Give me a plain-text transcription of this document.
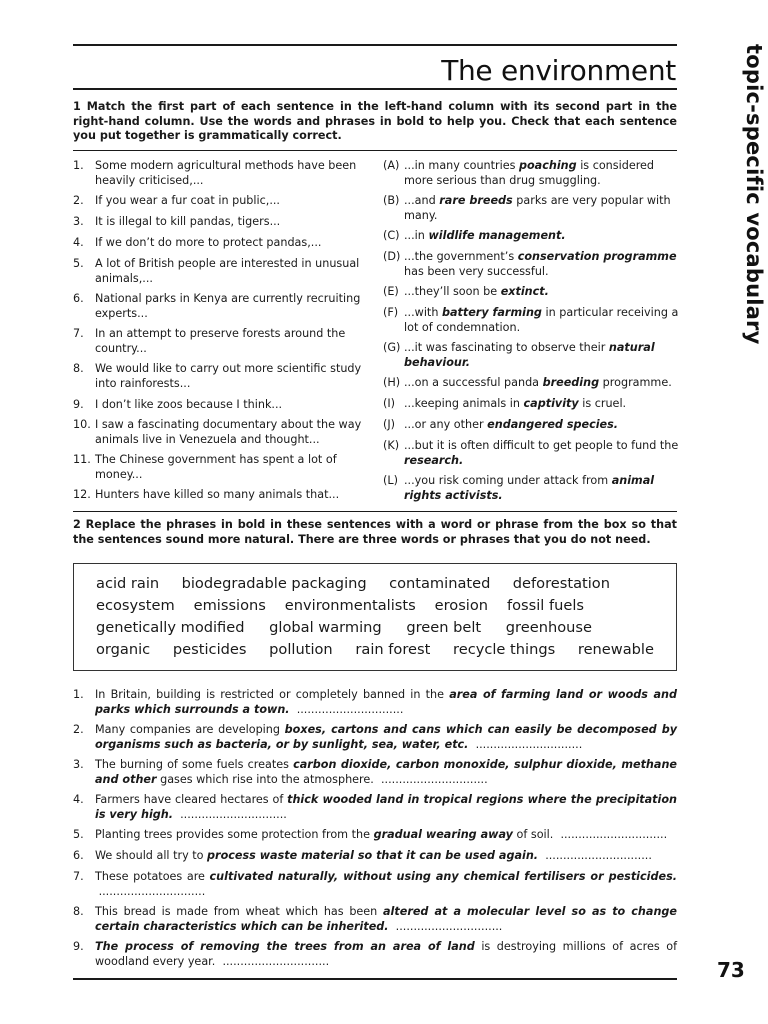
The environment	topic-specific vocabulary

1 Match the first part of each sentence in the left-hand column with its second part in the right-hand column. Use the words and phrases in bold to help you. Check that each sentence you put together is grammatically correct.

1. Some modern agricultural methods have been heavily criticised,...
2. If you wear a fur coat in public,...
3. It is illegal to kill pandas, tigers...
4. If we don’t do more to protect pandas,...
5. A lot of British people are interested in unusual animals,...
6. National parks in Kenya are currently recruiting experts...
7. In an attempt to preserve forests around the country...
8. We would like to carry out more scientific study into rainforests...
9. I don’t like zoos because I think...
10. I saw a fascinating documentary about the way animals live in Venezuela and thought...
11. The Chinese government has spent a lot of money...
12. Hunters have killed so many animals that...
(A) ...in many countries poaching is considered more serious than drug smuggling.
(B) ...and rare breeds parks are very popular with many.
(C) ...in wildlife management.
(D) ...the government’s conservation programme has been very successful.
(E) ...they’ll soon be extinct.
(F) ...with battery farming in particular receiving a lot of condemnation.
(G) ...it was fascinating to observe their natural behaviour.
(H) ...on a successful panda breeding programme.
(I) ...keeping animals in captivity is cruel.
(J) ...or any other endangered species.
(K) ...but it is often difficult to get people to fund the research.
(L) ...you risk coming under attack from animal rights activists.

2 Replace the phrases in bold in these sentences with a word or phrase from the box so that the sentences sound more natural. There are three words or phrases that you do not need.

acid rain biodegradable packaging contaminated deforestation
ecosystem emissions environmentalists erosion fossil fuels
genetically modified global warming green belt greenhouse
organic pesticides pollution rain forest recycle things renewable
1. In Britain, building is restricted or completely banned in the area of farming land or woods and parks which surrounds a town. ..............................
2. Many companies are developing boxes, cartons and cans which can easily be decomposed by organisms such as bacteria, or by sunlight, sea, water, etc. ..............................
3. The burning of some fuels creates carbon dioxide, carbon monoxide, sulphur dioxide, methane and other gases which rise into the atmosphere. ..............................
4. Farmers have cleared hectares of thick wooded land in tropical regions where the precipitation is very high. ..............................
5. Planting trees provides some protection from the gradual wearing away of soil. ..............................
6. We should all try to process waste material so that it can be used again. ..............................
7. These potatoes are cultivated naturally, without using any chemical fertilisers or pesticides.  ..............................
8. This bread is made from wheat which has been altered at a molecular level so as to change certain characteristics which can be inherited. ..............................
9. The process of removing the trees from an area of land is destroying millions of acres of woodland every year. ..............................	73
